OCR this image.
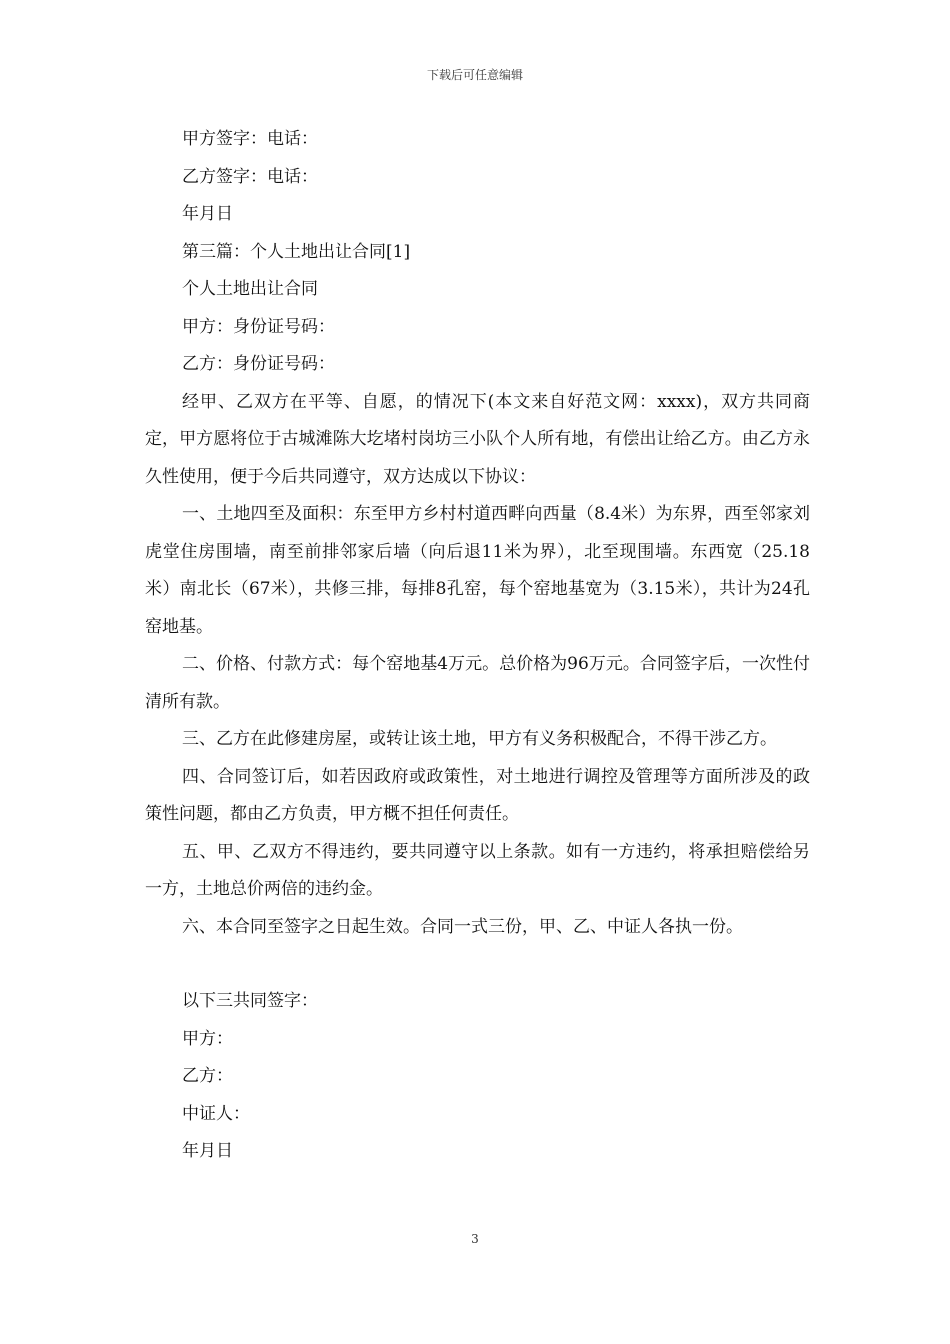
下载后可任意编辑

甲方签字：电话：

乙方签字：电话：

年月日

第三篇：个人土地出让合同[1]

个人土地出让合同

甲方：身份证号码：

乙方：身份证号码：

经甲、乙双方在平等、自愿，的情况下(本文来自好范文网：xxxx)，双方共同商定，甲方愿将位于古城滩陈大圪堵村岗坊三小队个人所有地，有偿出让给乙方。由乙方永久性使用，便于今后共同遵守，双方达成以下协议：

一、土地四至及面积：东至甲方乡村村道西畔向西量（8.4米）为东界，西至邻家刘虎堂住房围墙，南至前排邻家后墙（向后退11米为界），北至现围墙。东西宽（25.18米）南北长（67米），共修三排，每排8孔窑，每个窑地基宽为（3.15米），共计为24孔窑地基。

二、价格、付款方式：每个窑地基4万元。总价格为96万元。合同签字后，一次性付清所有款。

三、乙方在此修建房屋，或转让该土地，甲方有义务积极配合，不得干涉乙方。

四、合同签订后，如若因政府或政策性，对土地进行调控及管理等方面所涉及的政策性问题，都由乙方负责，甲方概不担任何责任。

五、甲、乙双方不得违约，要共同遵守以上条款。如有一方违约，将承担赔偿给另一方，土地总价两倍的违约金。

六、本合同至签字之日起生效。合同一式三份，甲、乙、中证人各执一份。

以下三共同签字：

甲方：

乙方：

中证人：

年月日

3
